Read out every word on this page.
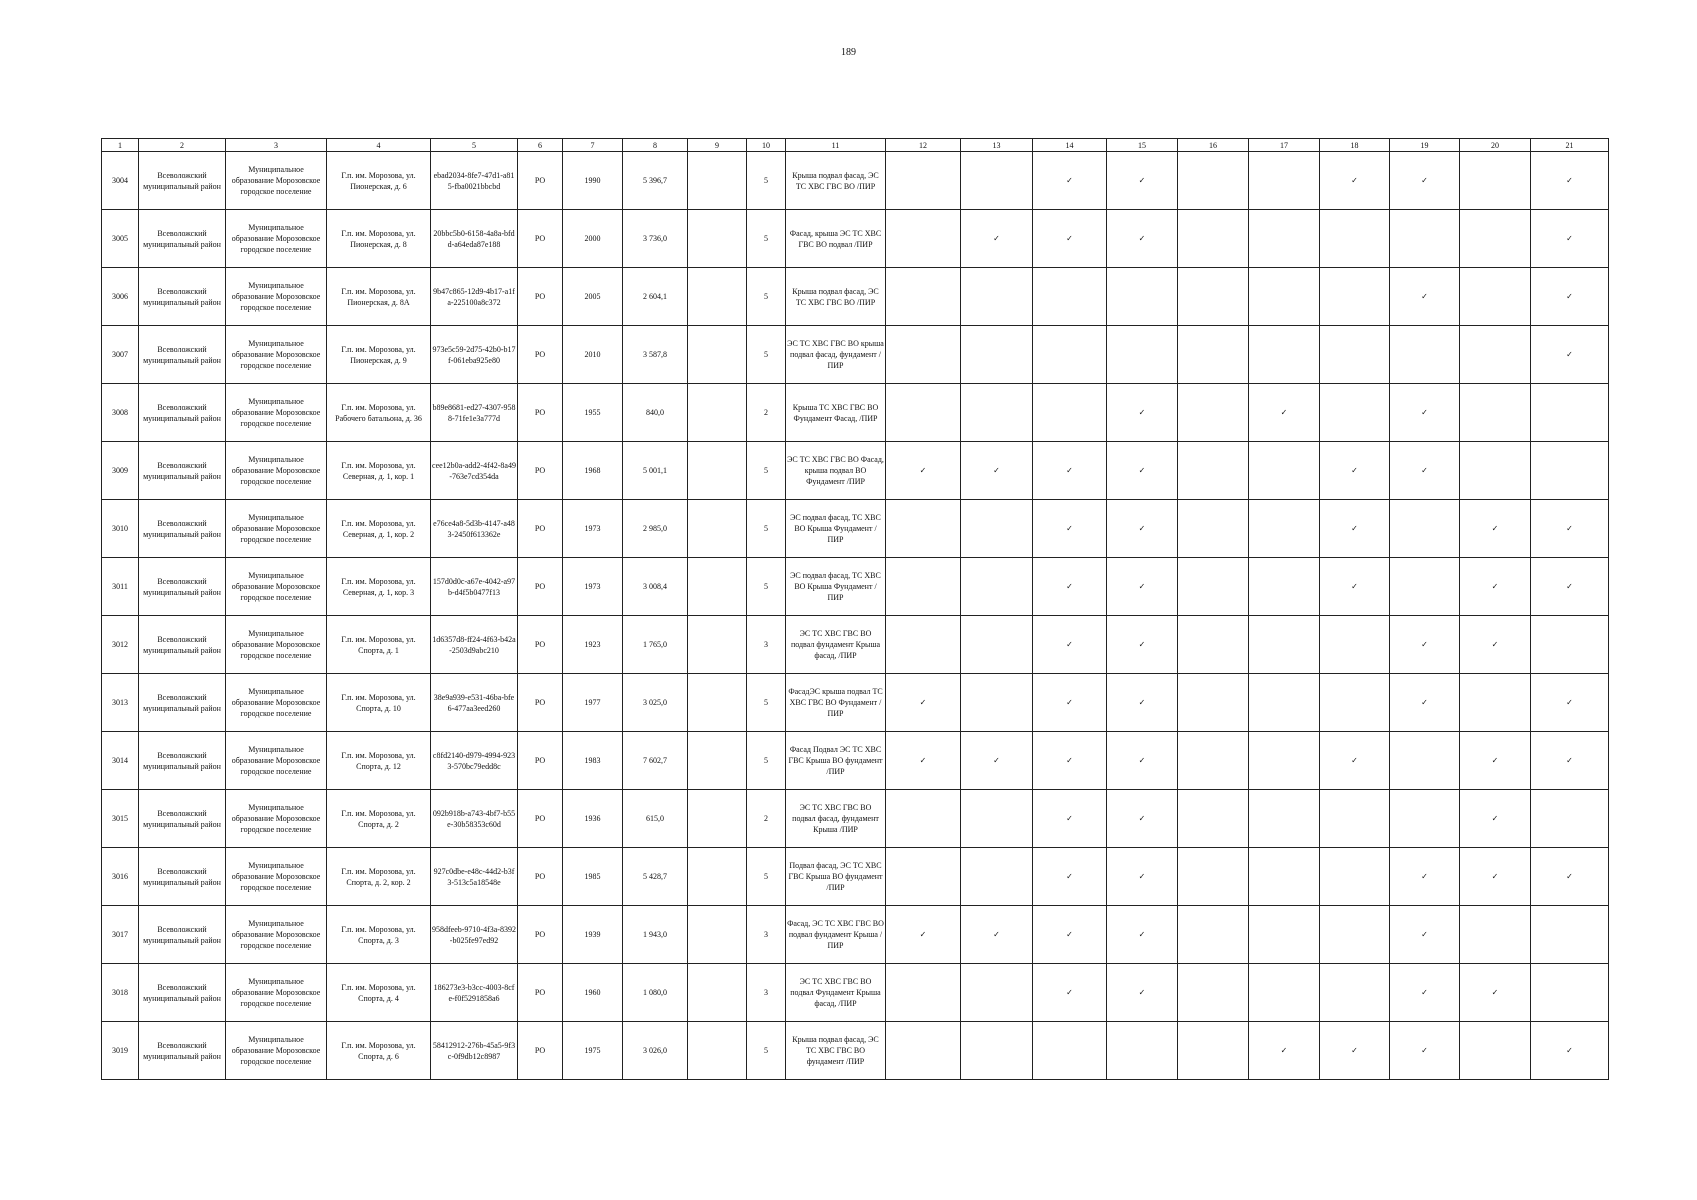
189
1	2	3	4	5	6	7	8	9	10	11	12	13	14	15	16	17	18	19	20	21
3004	Всеволожский муниципальный район	Муниципальное образование Морозовское городское поселение	Г.п. им. Морозова, ул. Пионерская, д. 6	ebad2034-8fe7-47d1-a815-fba0021bbcbd	РО	1990	5 396,7		5	Крыша подвал фасад, ЭС ТС ХВС ГВС ВО /ПИР			✓	✓			✓	✓		✓
3005	Всеволожский муниципальный район	Муниципальное образование Морозовское городское поселение	Г.п. им. Морозова, ул. Пионерская, д. 8	20bbc5b0-6158-4a8a-bfdd-a64eda87e188	РО	2000	3 736,0		5	Фасад, крыша ЭС ТС ХВС ГВС ВО подвал /ПИР		✓	✓	✓						✓
3006	Всеволожский муниципальный район	Муниципальное образование Морозовское городское поселение	Г.п. им. Морозова, ул. Пионерская, д. 8А	9b47c865-12d9-4b17-a1fa-225100a8c372	РО	2005	2 604,1		5	Крыша подвал фасад, ЭС ТС ХВС ГВС ВО /ПИР								✓		✓
3007	Всеволожский муниципальный район	Муниципальное образование Морозовское городское поселение	Г.п. им. Морозова, ул. Пионерская, д. 9	973e5c59-2d75-42b0-b17f-061eba925e80	РО	2010	3 587,8		5	ЭС ТС ХВС ГВС ВО крыша подвал фасад, фундамент /ПИР										✓
3008	Всеволожский муниципальный район	Муниципальное образование Морозовское городское поселение	Г.п. им. Морозова, ул. Рабочего батальона, д. 36	b89e8681-ed27-4307-9588-71fe1e3a777d	РО	1955	840,0		2	Крыша ТС ХВС ГВС ВО Фундамент Фасад, /ПИР				✓		✓		✓		
3009	Всеволожский муниципальный район	Муниципальное образование Морозовское городское поселение	Г.п. им. Морозова, ул. Северная, д. 1, кор. 1	cee12b0a-add2-4f42-8a49-763e7cd354da	РО	1968	5 001,1		5	ЭС ТС ХВС ГВС ВО Фасад, крыша подвал ВО Фундамент /ПИР	✓	✓	✓	✓			✓	✓		
3010	Всеволожский муниципальный район	Муниципальное образование Морозовское городское поселение	Г.п. им. Морозова, ул. Северная, д. 1, кор. 2	e76ce4a8-5d3b-4147-a483-2450f613362e	РО	1973	2 985,0		5	ЭС подвал фасад, ТС ХВС ВО Крыша Фундамент /ПИР			✓	✓			✓		✓	✓
3011	Всеволожский муниципальный район	Муниципальное образование Морозовское городское поселение	Г.п. им. Морозова, ул. Северная, д. 1, кор. 3	157d0d0c-a67e-4042-a97b-d4f5b0477f13	РО	1973	3 008,4		5	ЭС подвал фасад, ТС ХВС ВО Крыша Фундамент /ПИР			✓	✓			✓		✓	✓
3012	Всеволожский муниципальный район	Муниципальное образование Морозовское городское поселение	Г.п. им. Морозова, ул. Спорта, д. 1	1d6357d8-ff24-4f63-b42a-2503d9abc210	РО	1923	1 765,0		3	ЭС ТС ХВС ГВС ВО подвал фундамент Крыша фасад, /ПИР			✓	✓				✓	✓	
3013	Всеволожский муниципальный район	Муниципальное образование Морозовское городское поселение	Г.п. им. Морозова, ул. Спорта, д. 10	38e9a939-e531-46ba-bfe6-477aa3eed260	РО	1977	3 025,0		5	ФасадЭС крыша подвал ТС ХВС ГВС ВО Фундамент /ПИР	✓		✓	✓				✓		✓
3014	Всеволожский муниципальный район	Муниципальное образование Морозовское городское поселение	Г.п. им. Морозова, ул. Спорта, д. 12	c8fd2140-d979-4994-9233-570bc79edd8c	РО	1983	7 602,7		5	Фасад Подвал ЭС ТС ХВС ГВС Крыша ВО фундамент /ПИР	✓	✓	✓	✓			✓		✓	✓
3015	Всеволожский муниципальный район	Муниципальное образование Морозовское городское поселение	Г.п. им. Морозова, ул. Спорта, д. 2	092b918b-a743-4bf7-b55e-30b58353c60d	РО	1936	615,0		2	ЭС ТС ХВС ГВС ВО подвал фасад, фундамент Крыша /ПИР			✓	✓					✓	
3016	Всеволожский муниципальный район	Муниципальное образование Морозовское городское поселение	Г.п. им. Морозова, ул. Спорта, д. 2, кор. 2	927c0dbe-e48c-44d2-b3f3-513c5a18548e	РО	1985	5 428,7		5	Подвал фасад, ЭС ТС ХВС ГВС Крыша ВО фундамент /ПИР			✓	✓				✓	✓	✓
3017	Всеволожский муниципальный район	Муниципальное образование Морозовское городское поселение	Г.п. им. Морозова, ул. Спорта, д. 3	958dfeeb-9710-4f3a-8392-b025fe97ed92	РО	1939	1 943,0		3	Фасад, ЭС ТС ХВС ГВС ВО подвал фундамент Крыша /ПИР	✓	✓	✓	✓				✓		
3018	Всеволожский муниципальный район	Муниципальное образование Морозовское городское поселение	Г.п. им. Морозова, ул. Спорта, д. 4	186273e3-b3cc-4003-8cfe-f0f5291858a6	РО	1960	1 080,0		3	ЭС ТС ХВС ГВС ВО подвал Фундамент Крыша фасад, /ПИР			✓	✓				✓	✓	
3019	Всеволожский муниципальный район	Муниципальное образование Морозовское городское поселение	Г.п. им. Морозова, ул. Спорта, д. 6	58412912-276b-45a5-9f3c-0f9db12c8987	РО	1975	3 026,0		5	Крыша подвал фасад, ЭС ТС ХВС ГВС ВО фундамент /ПИР						✓	✓	✓		✓
